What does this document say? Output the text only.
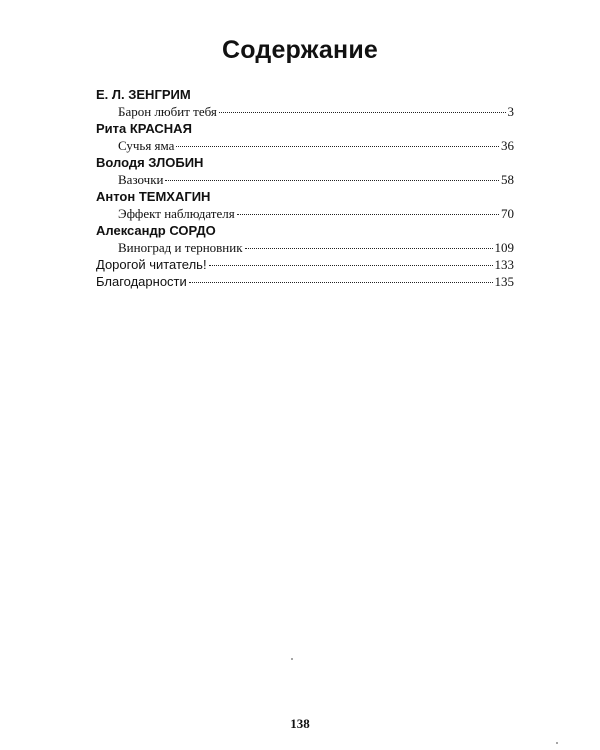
Содержание
Е. Л. ЗЕНГРИМ
Барон любит тебя	3
Рита КРАСНАЯ
Сучья яма	36
Володя ЗЛОБИН
Вазочки	58
Антон ТЕМХАГИН
Эффект наблюдателя	70
Александр СОРДО
Виноград и терновник	109
Дорогой читатель!	133
Благодарности	135
138
